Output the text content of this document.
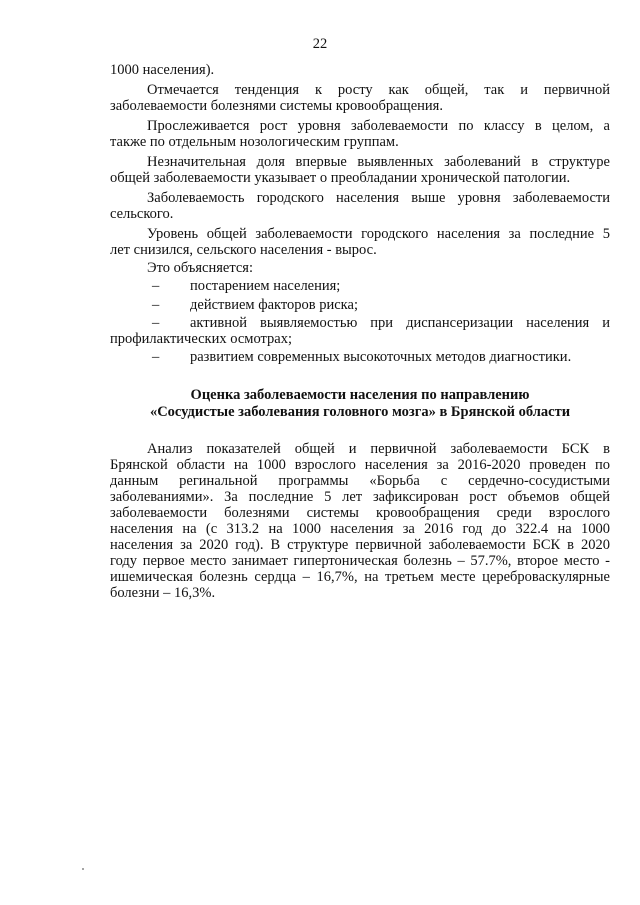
22
1000 населения).
Отмечается тенденция к росту как общей, так и первичной
заболеваемости болезнями системы кровообращения.
Прослеживается рост уровня заболеваемости по классу в целом, а
также по отдельным нозологическим группам.
Незначительная доля впервые выявленных заболеваний в структуре
общей заболеваемости указывает о преобладании хронической патологии.
Заболеваемость городского населения выше уровня заболеваемости
сельского.
Уровень общей заболеваемости городского населения за последние 5
лет снизился, сельского населения - вырос.
Это объясняется:
– постарением населения;
– действием факторов риска;
– активной выявляемостью при диспансеризации населения и
профилактических осмотрах;
– развитием современных высокоточных методов диагностики.
Оценка заболеваемости населения по направлению
«Сосудистые заболевания головного мозга» в Брянской области
Анализ показателей общей и первичной заболеваемости БСК в
Брянской области на 1000 взрослого населения за 2016-2020 проведен по
данным регинальной программы «Борьба с сердечно-сосудистыми
заболеваниями». За последние 5 лет зафиксирован рост объемов общей
заболеваемости болезнями системы кровообращения среди взрослого
населения на (с 313.2 на 1000 населения за 2016 год до 322.4 на 1000
населения за 2020 год). В структуре первичной заболеваемости БСК в 2020
году первое место занимает гипертоническая болезнь – 57.7%, второе место -
ишемическая болезнь сердца – 16,7%, на третьем месте цереброваскулярные
болезни – 16,3%.
